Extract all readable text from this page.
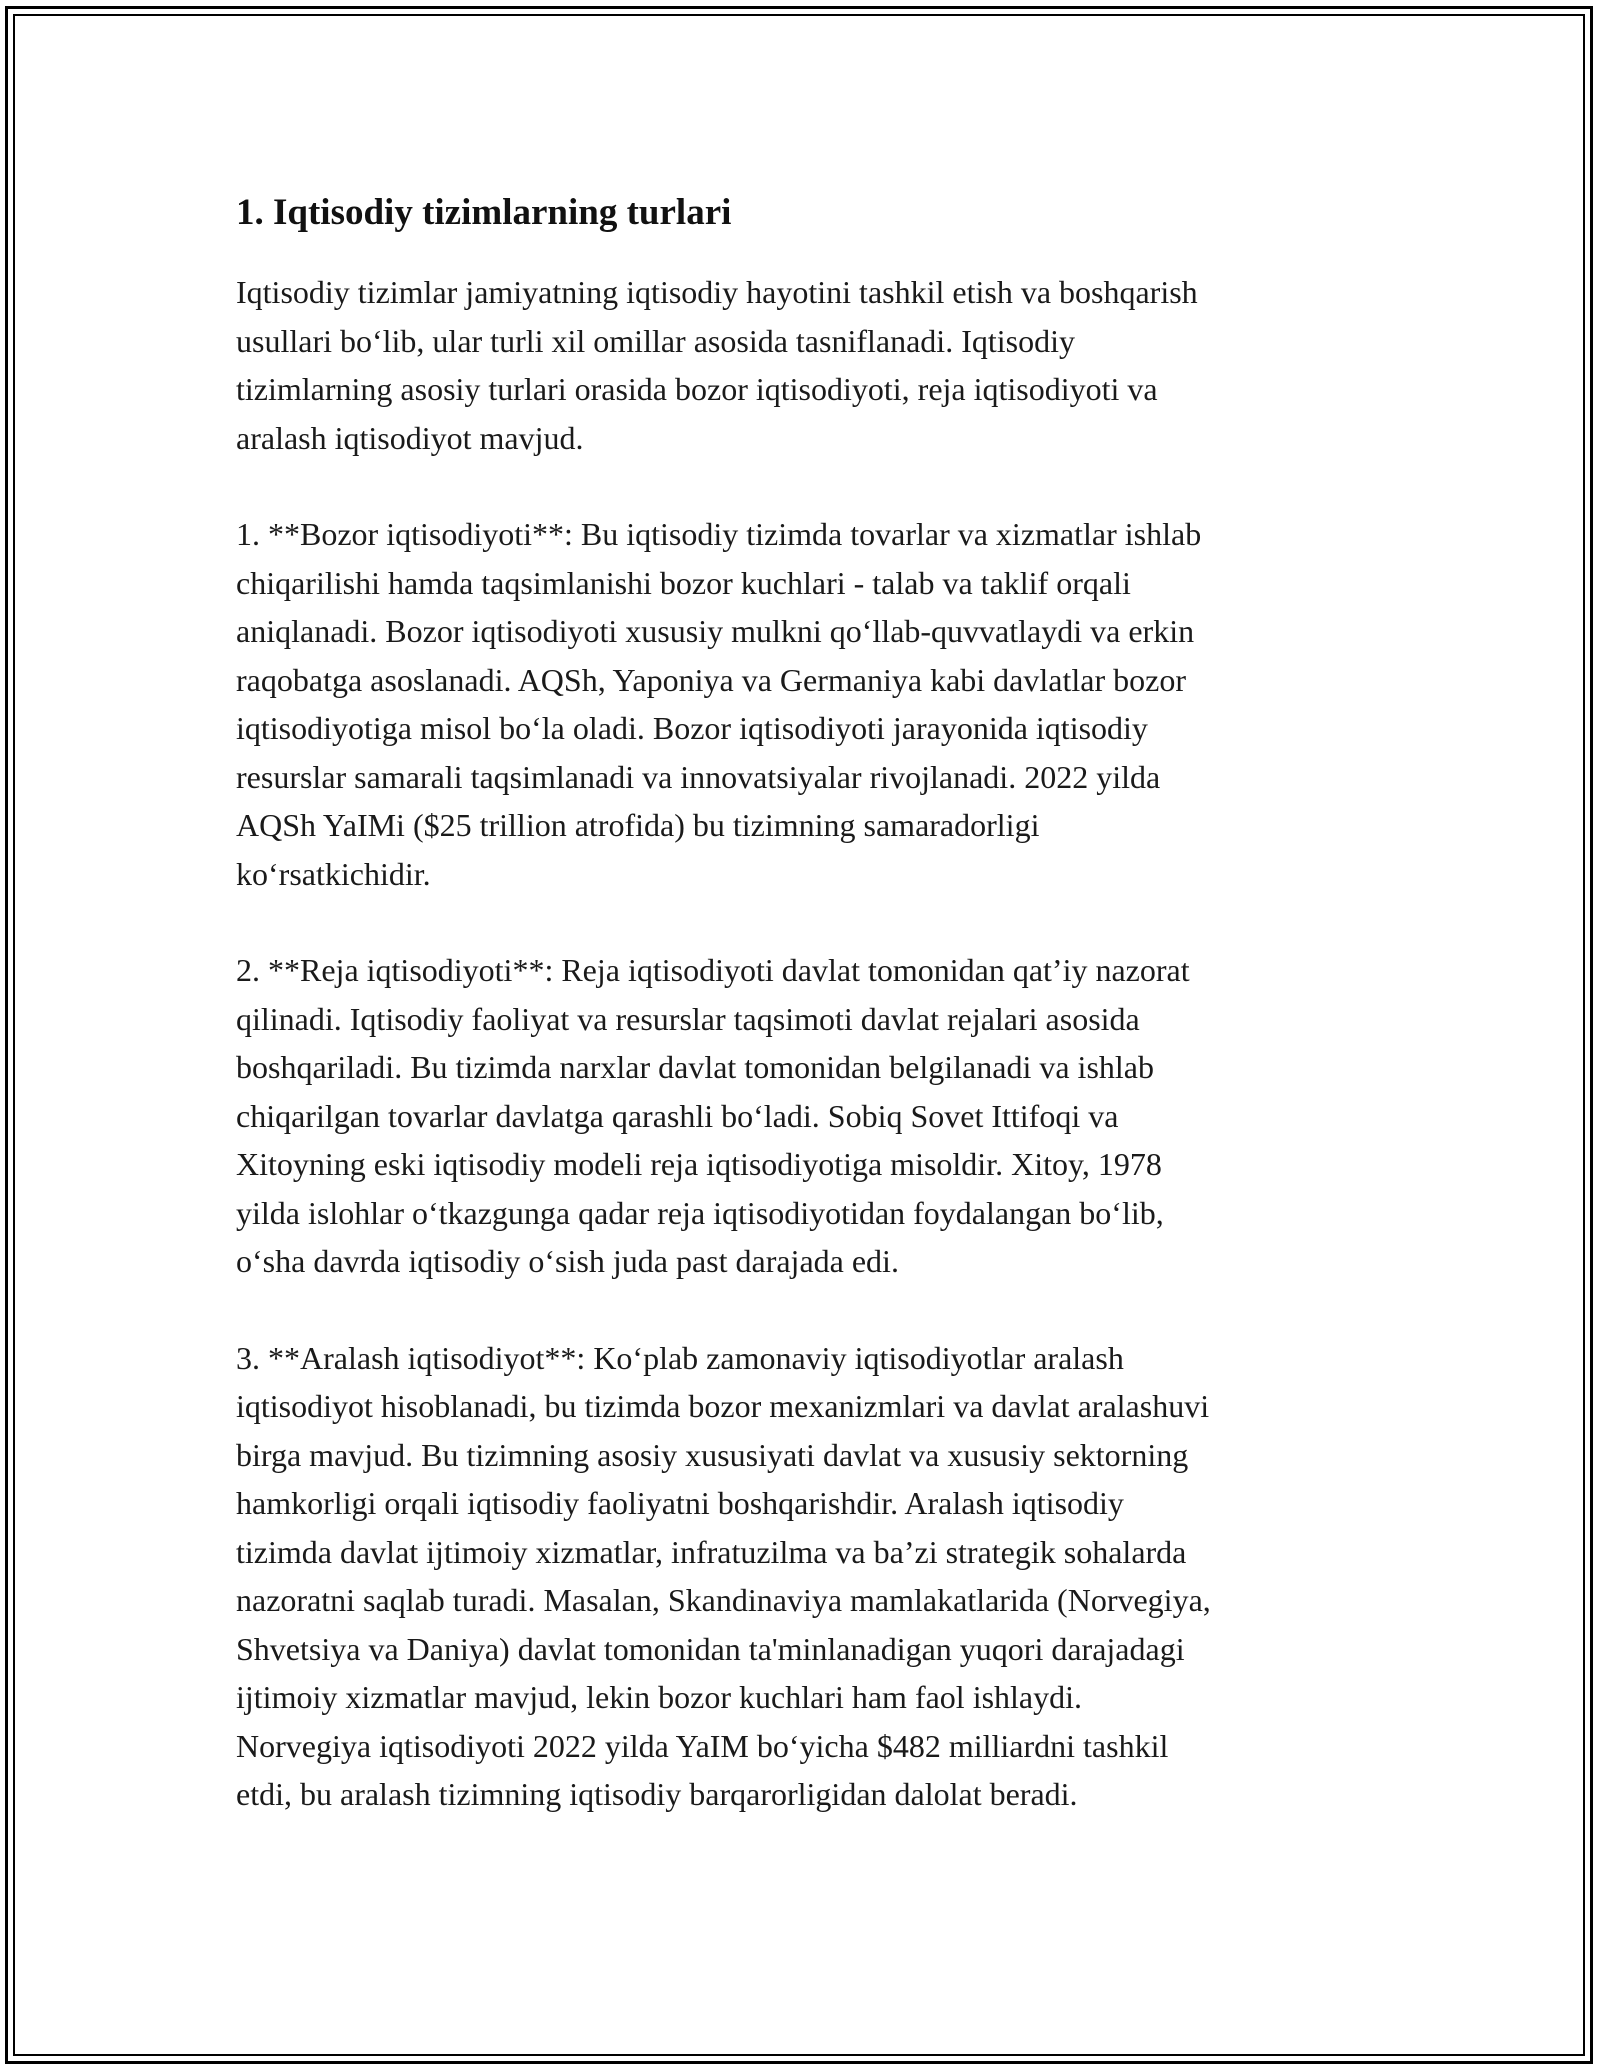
1. Iqtisodiy tizimlarning turlari

Iqtisodiy tizimlar jamiyatning iqtisodiy hayotini tashkil etish va boshqarish
usullari bo‘lib, ular turli xil omillar asosida tasniflanadi. Iqtisodiy
tizimlarning asosiy turlari orasida bozor iqtisodiyoti, reja iqtisodiyoti va
aralash iqtisodiyot mavjud.

1. **Bozor iqtisodiyoti**: Bu iqtisodiy tizimda tovarlar va xizmatlar ishlab
chiqarilishi hamda taqsimlanishi bozor kuchlari - talab va taklif orqali
aniqlanadi. Bozor iqtisodiyoti xususiy mulkni qo‘llab-quvvatlaydi va erkin
raqobatga asoslanadi. AQSh, Yaponiya va Germaniya kabi davlatlar bozor
iqtisodiyotiga misol bo‘la oladi. Bozor iqtisodiyoti jarayonida iqtisodiy
resurslar samarali taqsimlanadi va innovatsiyalar rivojlanadi. 2022 yilda
AQSh YaIMi ($25 trillion atrofida) bu tizimning samaradorligi
ko‘rsatkichidir.

2. **Reja iqtisodiyoti**: Reja iqtisodiyoti davlat tomonidan qat’iy nazorat
qilinadi. Iqtisodiy faoliyat va resurslar taqsimoti davlat rejalari asosida
boshqariladi. Bu tizimda narxlar davlat tomonidan belgilanadi va ishlab
chiqarilgan tovarlar davlatga qarashli bo‘ladi. Sobiq Sovet Ittifoqi va
Xitoyning eski iqtisodiy modeli reja iqtisodiyotiga misoldir. Xitoy, 1978
yilda islohlar o‘tkazgunga qadar reja iqtisodiyotidan foydalangan bo‘lib,
o‘sha davrda iqtisodiy o‘sish juda past darajada edi.

3. **Aralash iqtisodiyot**: Ko‘plab zamonaviy iqtisodiyotlar aralash
iqtisodiyot hisoblanadi, bu tizimda bozor mexanizmlari va davlat aralashuvi
birga mavjud. Bu tizimning asosiy xususiyati davlat va xususiy sektorning
hamkorligi orqali iqtisodiy faoliyatni boshqarishdir. Aralash iqtisodiy
tizimda davlat ijtimoiy xizmatlar, infratuzilma va ba’zi strategik sohalarda
nazoratni saqlab turadi. Masalan, Skandinaviya mamlakatlarida (Norvegiya,
Shvetsiya va Daniya) davlat tomonidan ta'minlanadigan yuqori darajadagi
ijtimoiy xizmatlar mavjud, lekin bozor kuchlari ham faol ishlaydi.
Norvegiya iqtisodiyoti 2022 yilda YaIM bo‘yicha $482 milliardni tashkil
etdi, bu aralash tizimning iqtisodiy barqarorligidan dalolat beradi.
